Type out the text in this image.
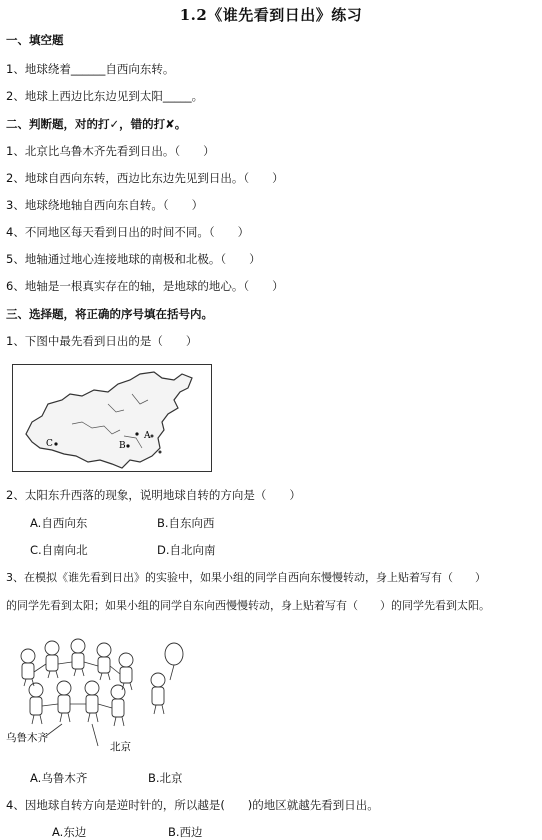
1.2《谁先看到日出》练习
一、填空题
1、地球绕着______自西向东转。
2、地球上西边比东边见到太阳_____。
二、判断题，对的打✓，错的打✘。
1、北京比乌鲁木齐先看到日出。（　　）
2、地球自西向东转，西边比东边先见到日出。（　　）
3、地球绕地轴自西向东自转。（　　）
4、不同地区每天看到日出的时间不同。（　　）
5、地轴通过地心连接地球的南极和北极。（　　）
6、地轴是一根真实存在的轴，是地球的地心。（　　）
三、选择题，将正确的序号填在括号内。
1、下图中最先看到日出的是（　　）
A
B
C
2、太阳东升西落的现象，说明地球自转的方向是（　　）
A.自西向东	B.自东向西
C.自南向北	D.自北向南
3、在模拟《谁先看到日出》的实验中，如果小组的同学自西向东慢慢转动，身上贴着写有（　　）
的同学先看到太阳；如果小组的同学自东向西慢慢转动，身上贴着写有（　　）的同学先看到太阳。
乌鲁木齐
北京
A.乌鲁木齐	B.北京
4、因地球自转方向是逆时针的，所以越是(　　)的地区就越先看到日出。
A.东边	B.西边
